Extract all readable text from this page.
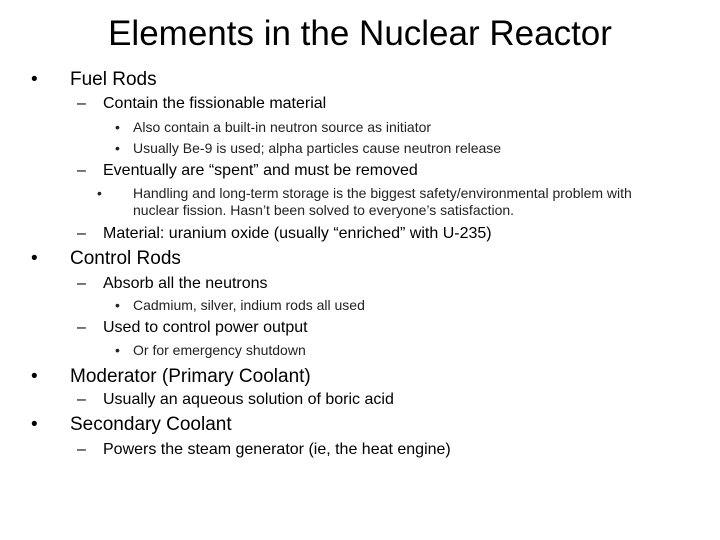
Elements in the Nuclear Reactor
• Fuel Rods
– Contain the fissionable material
• Also contain a built-in neutron source as initiator
• Usually Be-9 is used; alpha particles cause neutron release
– Eventually are “spent” and must be removed
• Handling and long-term storage is the biggest safety/environmental problem with nuclear fission. Hasn’t been solved to everyone’s satisfaction.
– Material: uranium oxide (usually “enriched” with U-235)
• Control Rods
– Absorb all the neutrons
• Cadmium, silver, indium rods all used
– Used to control power output
• Or for emergency shutdown
• Moderator (Primary Coolant)
– Usually an aqueous solution of boric acid
• Secondary Coolant
– Powers the steam generator (ie, the heat engine)
